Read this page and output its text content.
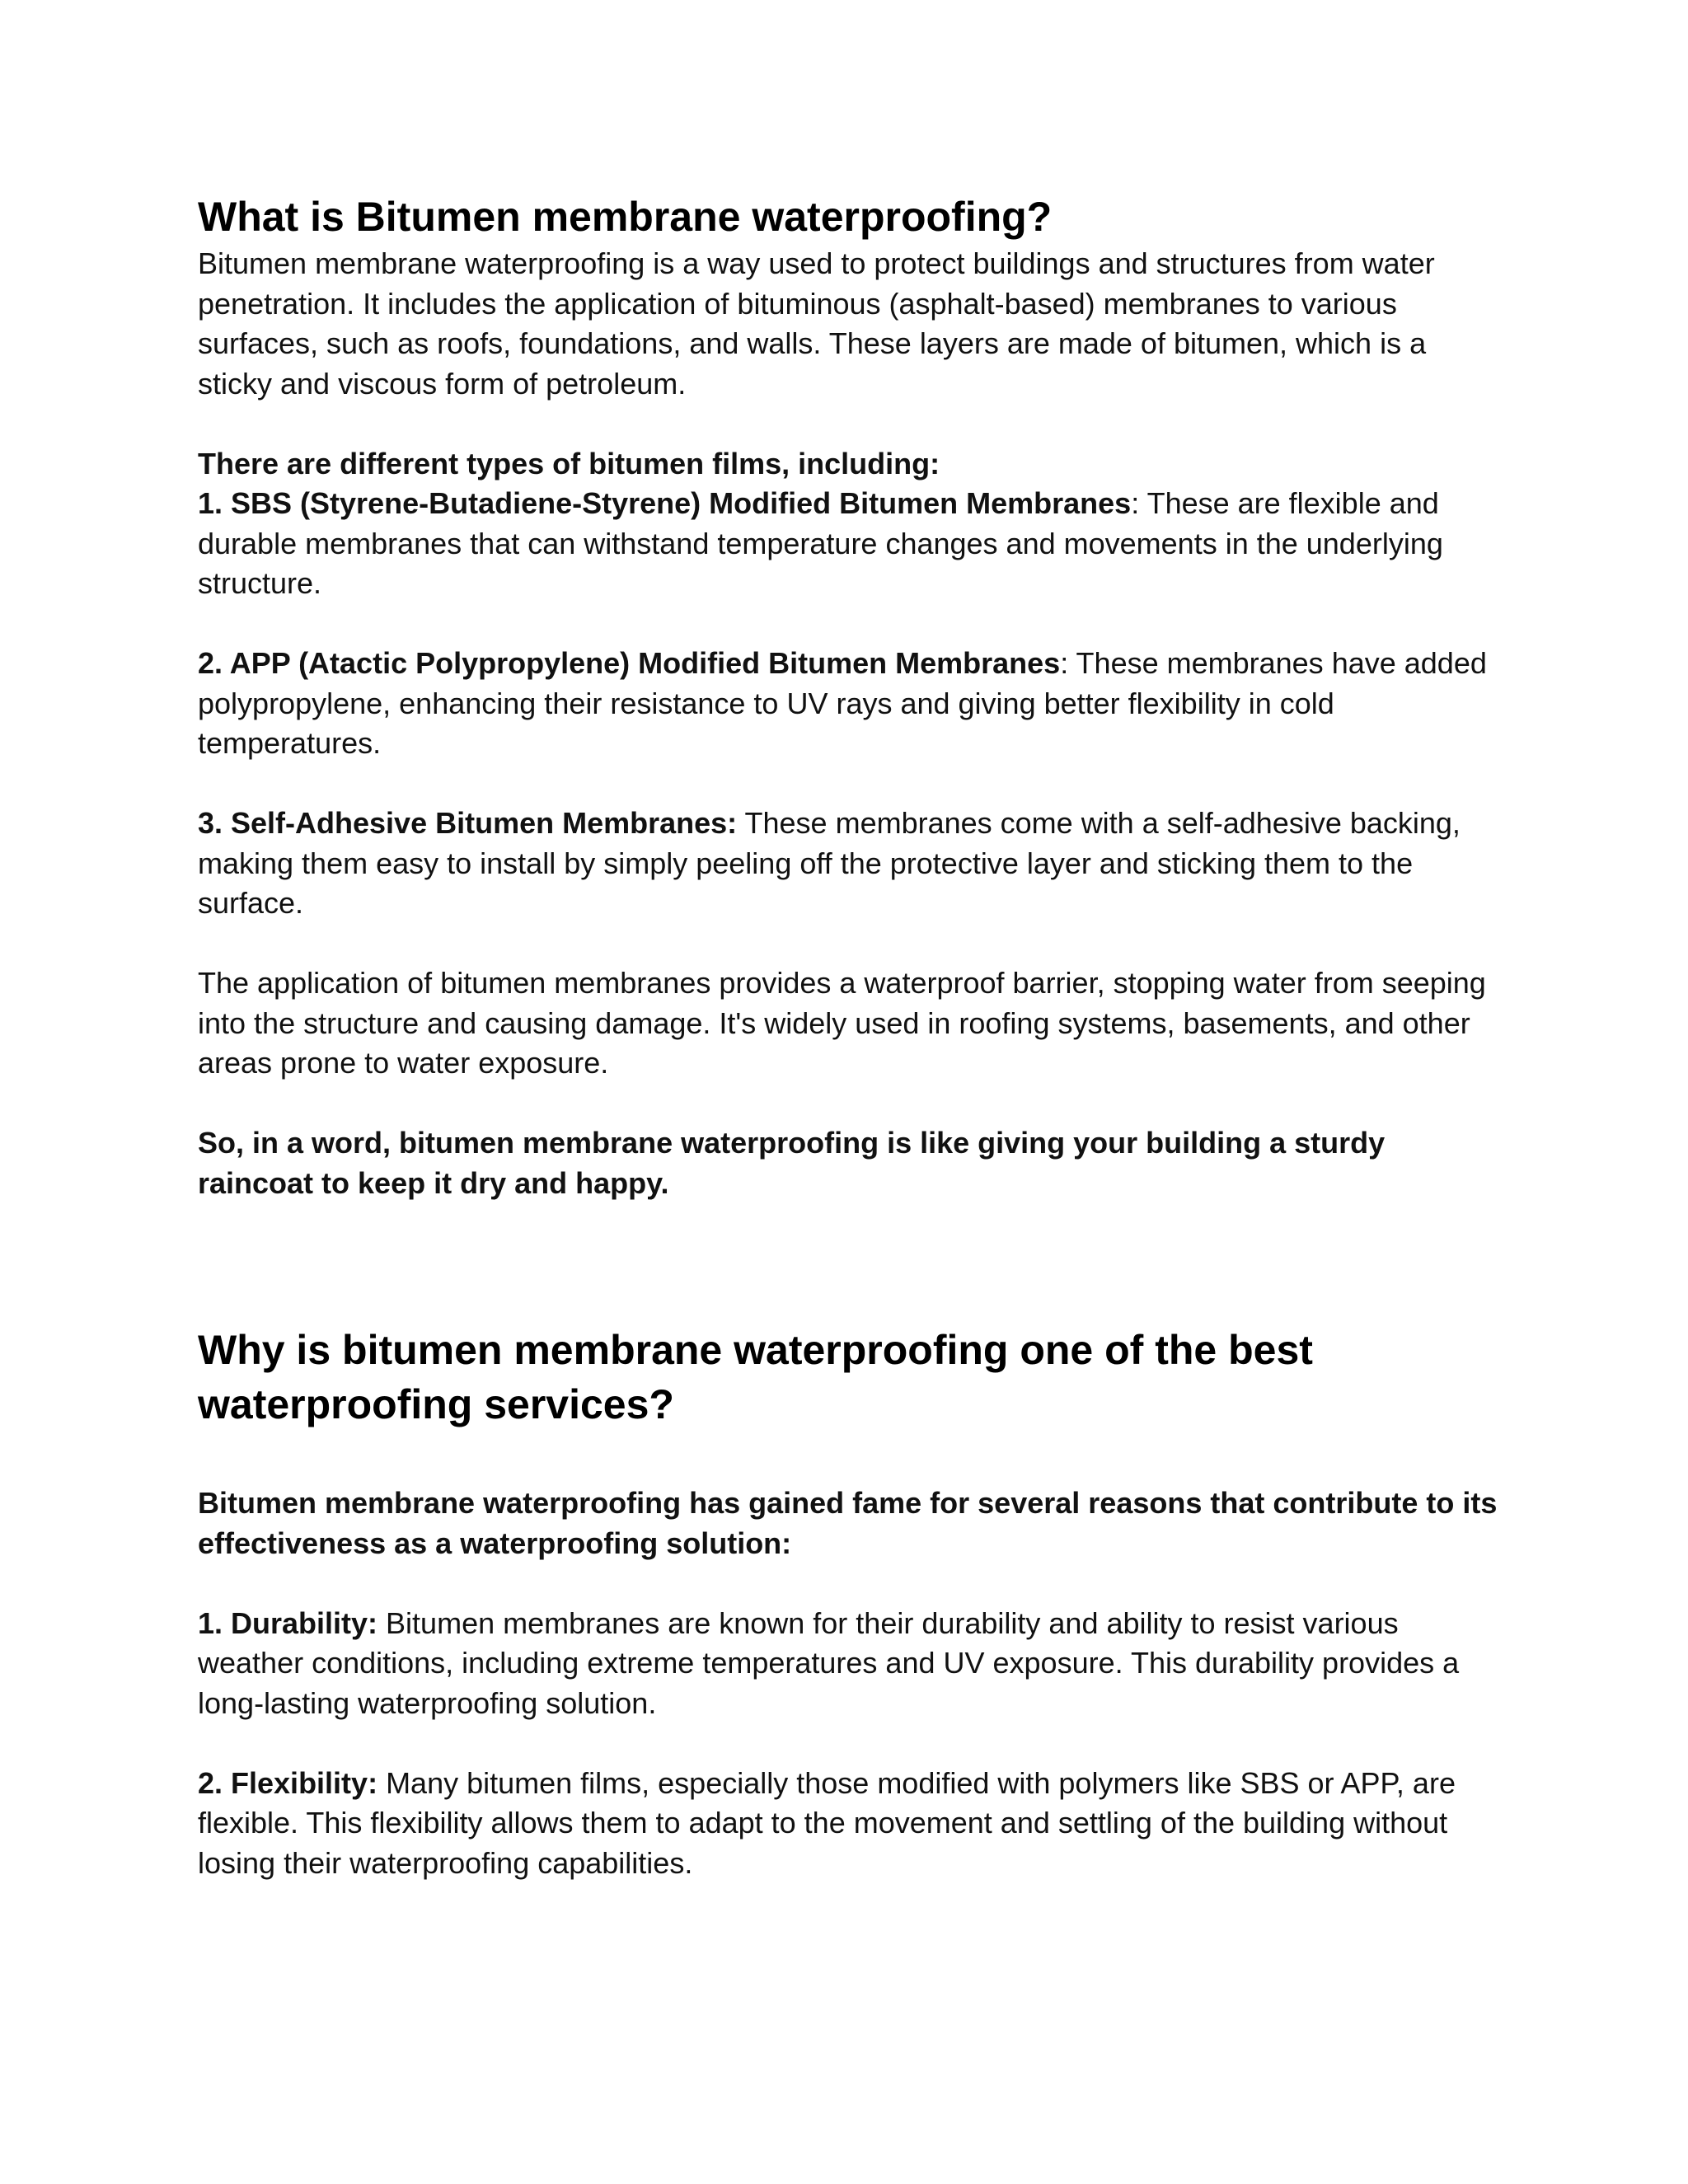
What is Bitumen membrane waterproofing?

Bitumen membrane waterproofing is a way used to protect buildings and structures from water penetration. It includes the application of bituminous (asphalt-based) membranes to various surfaces, such as roofs, foundations, and walls. These layers are made of bitumen, which is a sticky and viscous form of petroleum.

There are different types of bitumen films, including:

1. SBS (Styrene-Butadiene-Styrene) Modified Bitumen Membranes: These are flexible and durable membranes that can withstand temperature changes and movements in the underlying structure.

2. APP (Atactic Polypropylene) Modified Bitumen Membranes: These membranes have added polypropylene, enhancing their resistance to UV rays and giving better flexibility in cold temperatures.

3. Self-Adhesive Bitumen Membranes: These membranes come with a self-adhesive backing, making them easy to install by simply peeling off the protective layer and sticking them to the surface.

The application of bitumen membranes provides a waterproof barrier, stopping water from seeping into the structure and causing damage. It's widely used in roofing systems, basements, and other areas prone to water exposure.

So, in a word, bitumen membrane waterproofing is like giving your building a sturdy raincoat to keep it dry and happy.

Why is bitumen membrane waterproofing one of the best waterproofing services?

Bitumen membrane waterproofing has gained fame for several reasons that contribute to its effectiveness as a waterproofing solution:

1. Durability: Bitumen membranes are known for their durability and ability to resist various weather conditions, including extreme temperatures and UV exposure. This durability provides a long-lasting waterproofing solution.

2. Flexibility: Many bitumen films, especially those modified with polymers like SBS or APP, are flexible. This flexibility allows them to adapt to the movement and settling of the building without losing their waterproofing capabilities.
